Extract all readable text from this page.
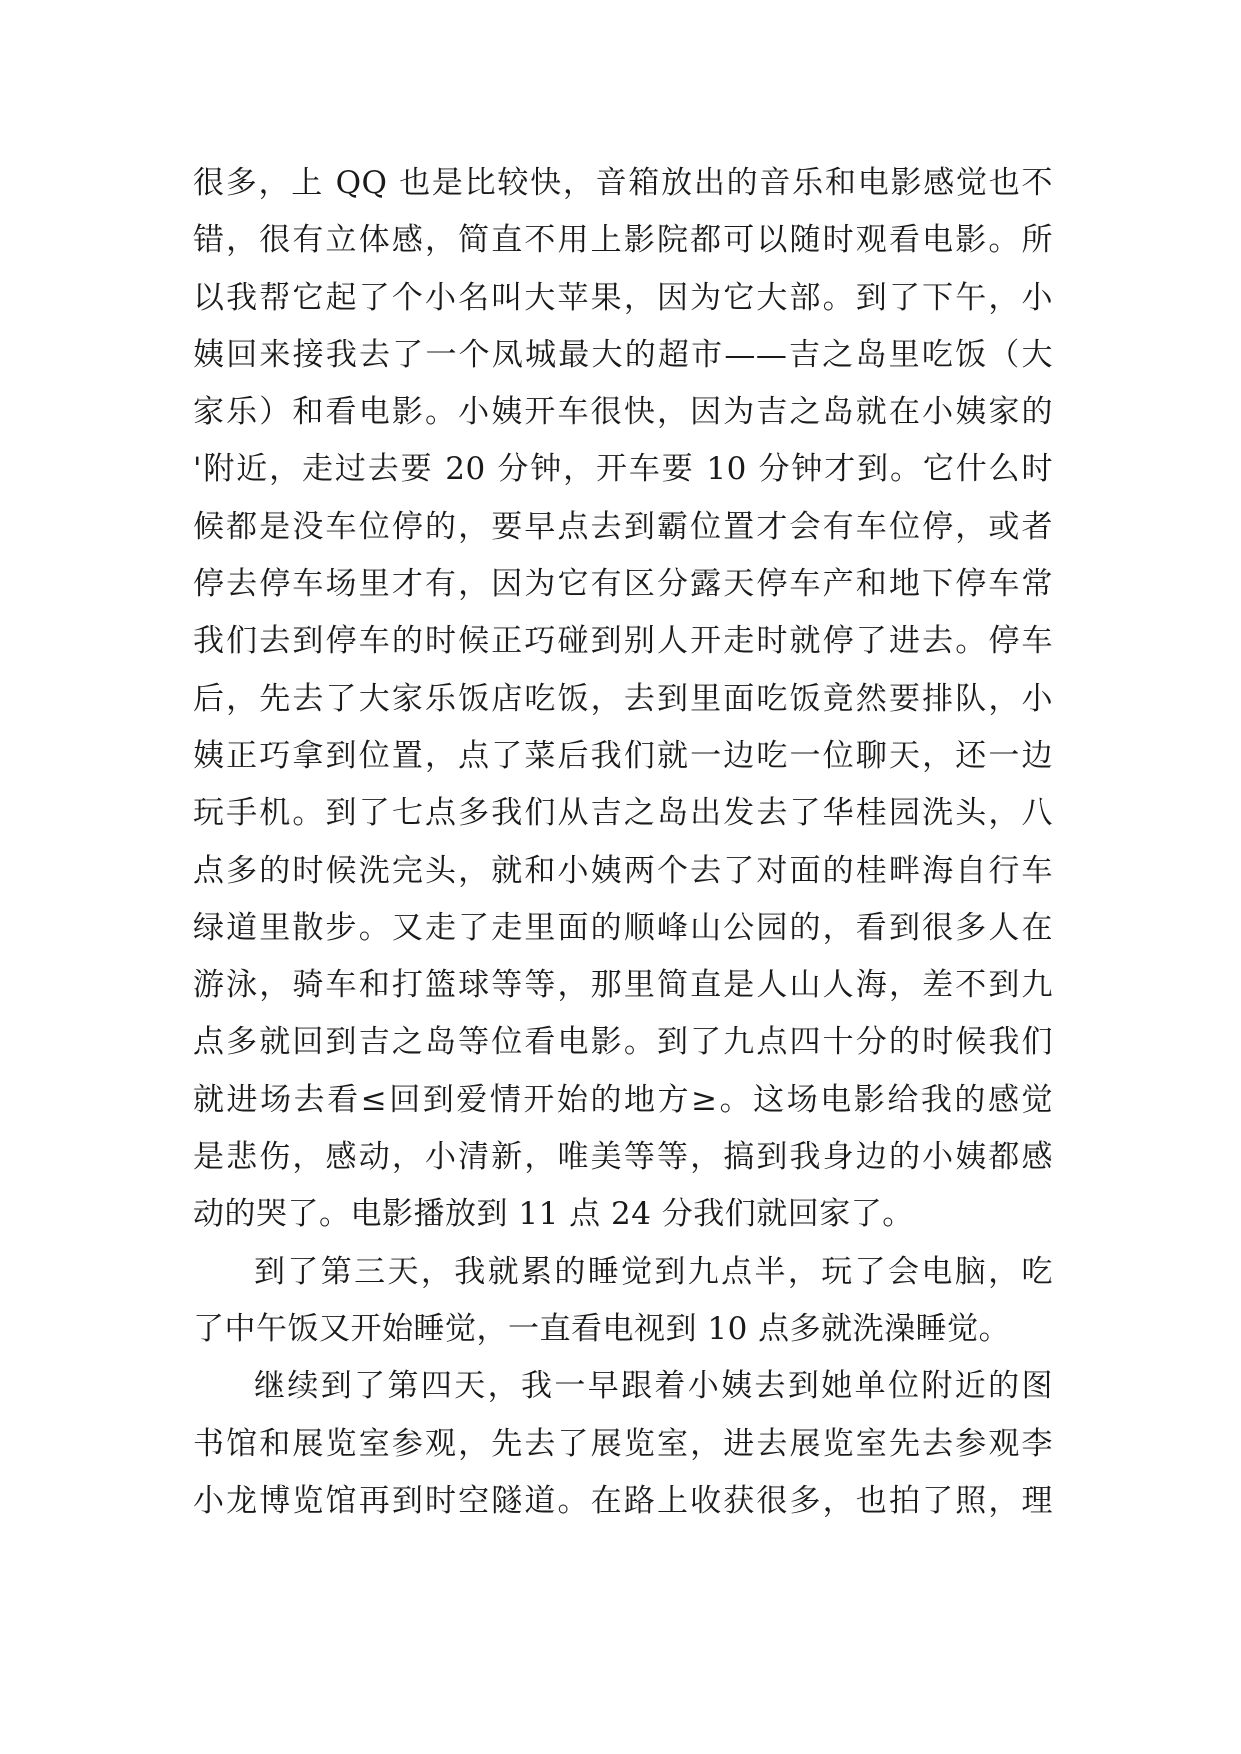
很多，上 QQ 也是比较快，音箱放出的音乐和电影感觉也不
错，很有立体感，简直不用上影院都可以随时观看电影。所
以我帮它起了个小名叫大苹果，因为它大部。到了下午，小
姨回来接我去了一个凤城最大的超市——吉之岛里吃饭（大
家乐）和看电影。小姨开车很快，因为吉之岛就在小姨家的
'附近，走过去要 20 分钟，开车要 10 分钟才到。它什么时
候都是没车位停的，要早点去到霸位置才会有车位停，或者
停去停车场里才有，因为它有区分露天停车产和地下停车常
我们去到停车的时候正巧碰到别人开走时就停了进去。停车
后，先去了大家乐饭店吃饭，去到里面吃饭竟然要排队，小
姨正巧拿到位置，点了菜后我们就一边吃一位聊天，还一边
玩手机。到了七点多我们从吉之岛出发去了华桂园洗头，八
点多的时候洗完头，就和小姨两个去了对面的桂畔海自行车
绿道里散步。又走了走里面的顺峰山公园的，看到很多人在
游泳，骑车和打篮球等等，那里简直是人山人海，差不到九
点多就回到吉之岛等位看电影。到了九点四十分的时候我们
就进场去看≤回到爱情开始的地方≥。这场电影给我的感觉
是悲伤，感动，小清新，唯美等等，搞到我身边的小姨都感
动的哭了。电影播放到 11 点 24 分我们就回家了。
到了第三天，我就累的睡觉到九点半，玩了会电脑，吃
了中午饭又开始睡觉，一直看电视到 10 点多就洗澡睡觉。
继续到了第四天，我一早跟着小姨去到她单位附近的图
书馆和展览室参观，先去了展览室，进去展览室先去参观李
小龙博览馆再到时空隧道。在路上收获很多，也拍了照，理
